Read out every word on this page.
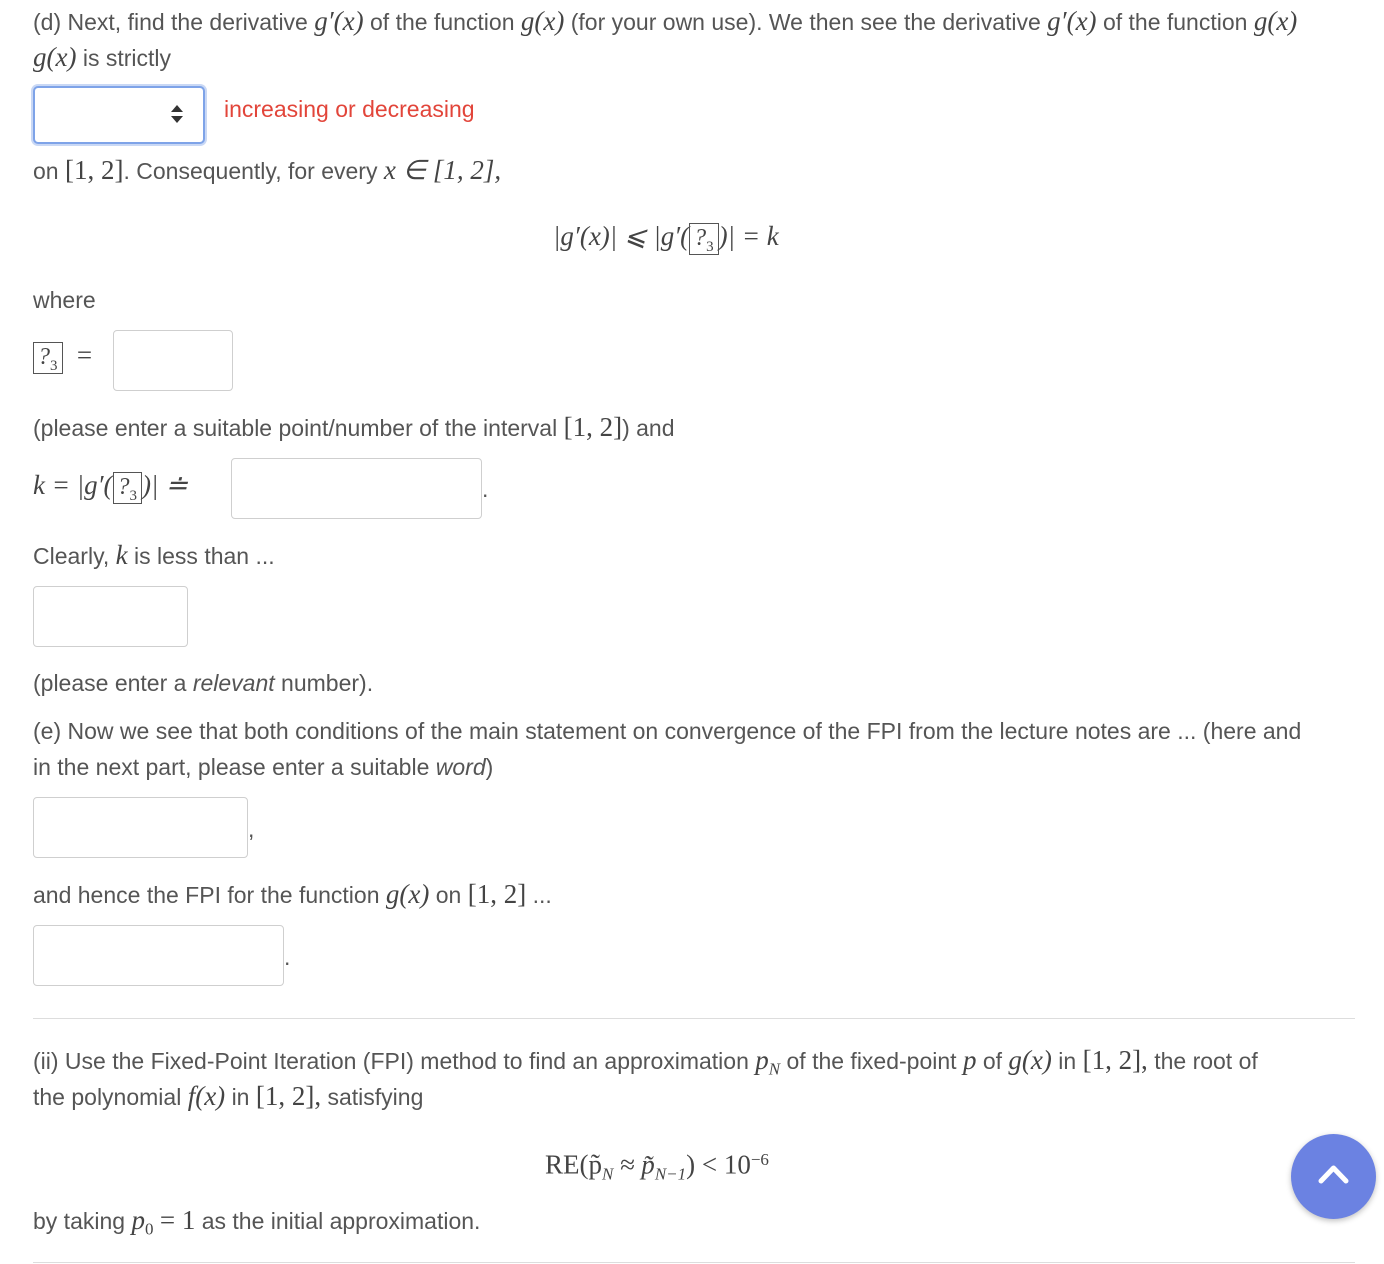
(d) Next, find the derivative g′(x) of the function g(x) (for your own use). We then see the derivative g′(x) of the function g(x)
g(x) is strictly
increasing or decreasing
on [1, 2]. Consequently, for every x ∈ [1, 2],
|g′(x)| ⩽ |g′( $?_3$ )| = k
where
$?_3$ =
(please enter a suitable point/number of the interval [1, 2]) and
k = |g′( $?_3$ )| ≐	.
Clearly, k is less than ...
(please enter a relevant number).
(e) Now we see that both conditions of the main statement on convergence of the FPI from the lecture notes are ... (here and
in the next part, please enter a suitable word)
,
and hence the FPI for the function g(x) on [1, 2] ...
.
(ii) Use the Fixed-Point Iteration (FPI) method to find an approximation $p_N$ of the fixed-point p of g(x) in [1, 2], the root of
the polynomial f(x) in [1, 2], satisfying
$RE(p̃_N$ ≈ $p̃_{N-1}) < 10^{-6}$
by taking $p_0 = 1$ as the initial approximation.
